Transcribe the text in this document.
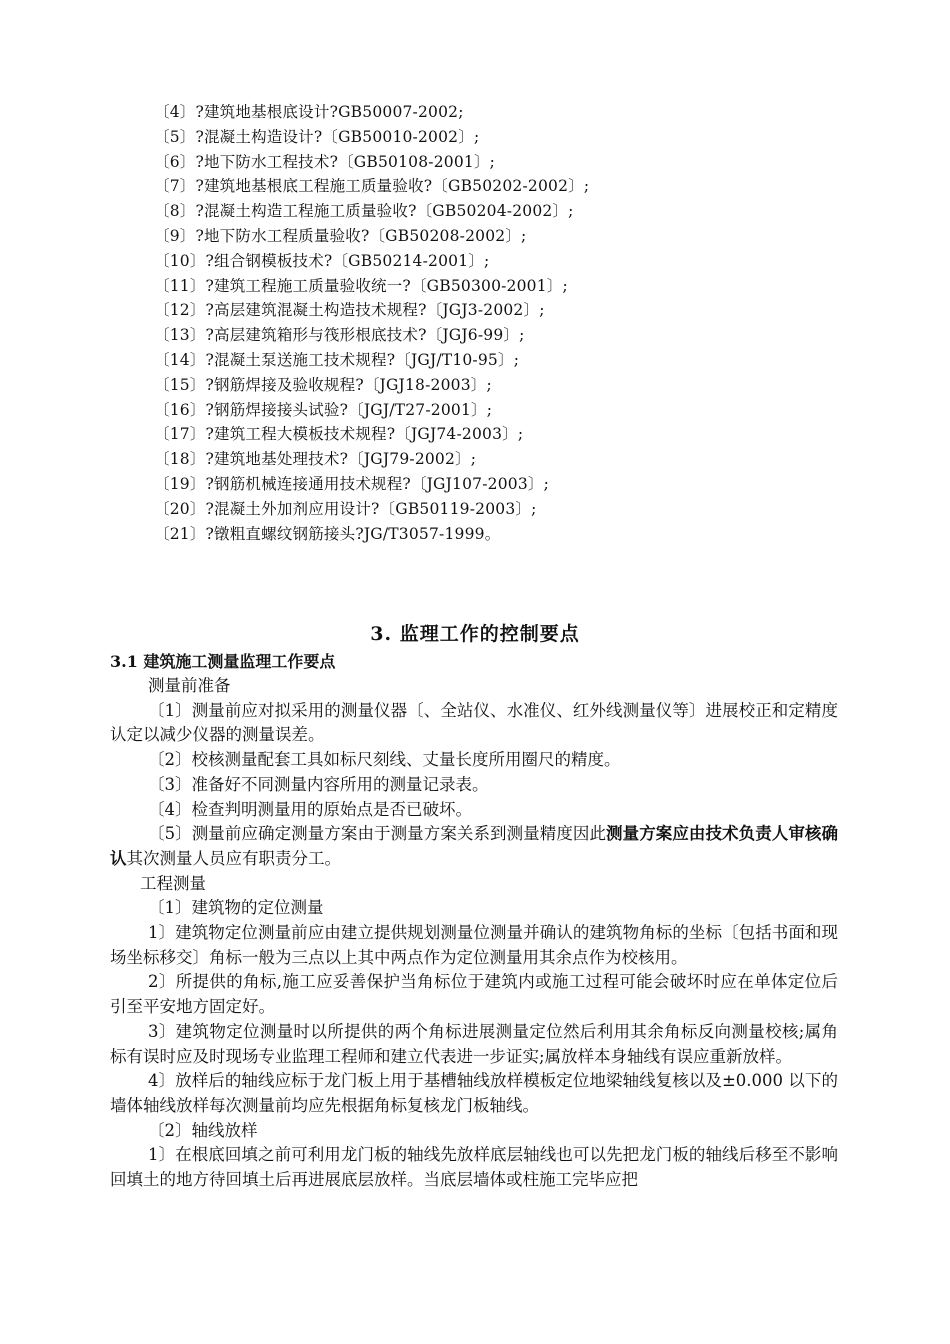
〔4〕?建筑地基根底设计?GB50007-2002;
〔5〕?混凝土构造设计?〔GB50010-2002〕;
〔6〕?地下防水工程技术?〔GB50108-2001〕;
〔7〕?建筑地基根底工程施工质量验收?〔GB50202-2002〕;
〔8〕?混凝土构造工程施工质量验收?〔GB50204-2002〕;
〔9〕?地下防水工程质量验收?〔GB50208-2002〕;
〔10〕?组合钢模板技术?〔GB50214-2001〕;
〔11〕?建筑工程施工质量验收统一?〔GB50300-2001〕;
〔12〕?高层建筑混凝土构造技术规程?〔JGJ3-2002〕;
〔13〕?高层建筑箱形与筏形根底技术?〔JGJ6-99〕;
〔14〕?混凝土泵送施工技术规程?〔JGJ/T10-95〕;
〔15〕?钢筋焊接及验收规程?〔JGJ18-2003〕;
〔16〕?钢筋焊接接头试验?〔JGJ/T27-2001〕;
〔17〕?建筑工程大模板技术规程?〔JGJ74-2003〕;
〔18〕?建筑地基处理技术?〔JGJ79-2002〕;
〔19〕?钢筋机械连接通用技术规程?〔JGJ107-2003〕;
〔20〕?混凝土外加剂应用设计?〔GB50119-2003〕;
〔21〕?镦粗直螺纹钢筋接头?JG/T3057-1999。
3. 监理工作的控制要点
3.1 建筑施工测量监理工作要点

测量前准备

〔1〕测量前应对拟采用的测量仪器〔、全站仪、水准仪、红外线测量仪等〕进展校正和定精度认定以减少仪器的测量误差。

〔2〕校核测量配套工具如标尺刻线、丈量长度所用圈尺的精度。

〔3〕准备好不同测量内容所用的测量记录表。

〔4〕检查判明测量用的原始点是否已破坏。

〔5〕测量前应确定测量方案由于测量方案关系到测量精度因此测量方案应由技术负责人审核确认其次测量人员应有职责分工。

工程测量

〔1〕建筑物的定位测量

1〕建筑物定位测量前应由建立提供规划测量位测量并确认的建筑物角标的坐标〔包括书面和现场坐标移交〕角标一般为三点以上其中两点作为定位测量用其余点作为校核用。

2〕所提供的角标,施工应妥善保护当角标位于建筑内或施工过程可能会破坏时应在单体定位后引至平安地方固定好。

3〕建筑物定位测量时以所提供的两个角标进展测量定位然后利用其余角标反向测量校核;属角标有误时应及时现场专业监理工程师和建立代表进一步证实;属放样本身轴线有误应重新放样。

4〕放样后的轴线应标于龙门板上用于基槽轴线放样模板定位地梁轴线复核以及±0.000 以下的墙体轴线放样每次测量前均应先根据角标复核龙门板轴线。

〔2〕轴线放样

1〕在根底回填之前可利用龙门板的轴线先放样底层轴线也可以先把龙门板的轴线后移至不影响回填土的地方待回填土后再进展底层放样。当底层墙体或柱施工完毕应把
